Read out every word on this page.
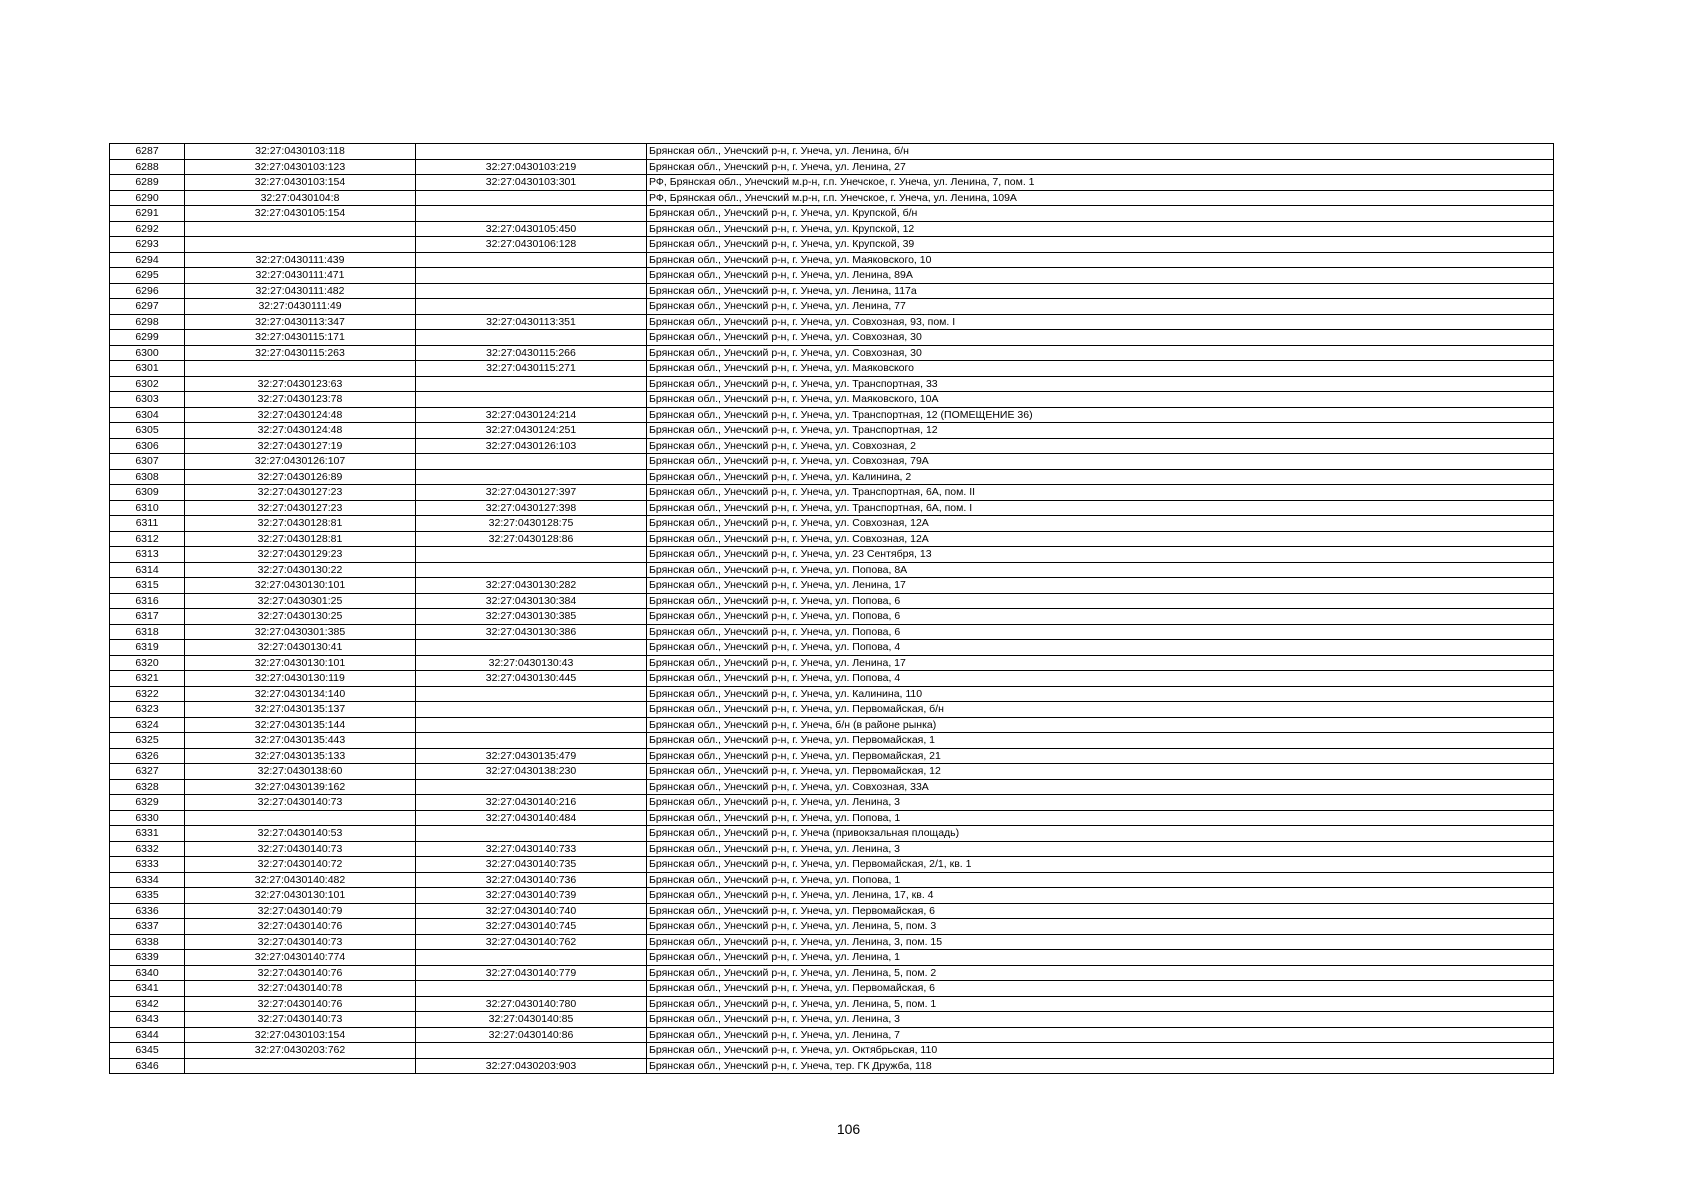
6287	32:27:0430103:118		Брянская обл., Унечский р-н, г. Унеча, ул. Ленина, б/н
6288	32:27:0430103:123	32:27:0430103:219	Брянская обл., Унечский р-н, г. Унеча, ул. Ленина, 27
6289	32:27:0430103:154	32:27:0430103:301	РФ, Брянская обл., Унечский м.р-н, г.п. Унечское, г. Унеча, ул. Ленина, 7, пом. 1
6290	32:27:0430104:8		РФ, Брянская обл., Унечский м.р-н, г.п. Унечское, г. Унеча, ул. Ленина, 109А
6291	32:27:0430105:154		Брянская обл., Унечский р-н, г. Унеча, ул. Крупской, б/н
6292		32:27:0430105:450	Брянская обл., Унечский р-н, г. Унеча, ул. Крупской, 12
6293		32:27:0430106:128	Брянская обл., Унечский р-н, г. Унеча, ул. Крупской, 39
6294	32:27:0430111:439		Брянская обл., Унечский р-н, г. Унеча, ул. Маяковского, 10
6295	32:27:0430111:471		Брянская обл., Унечский р-н, г. Унеча, ул. Ленина, 89А
6296	32:27:0430111:482		Брянская обл., Унечский р-н, г. Унеча, ул. Ленина, 117а
6297	32:27:0430111:49		Брянская обл., Унечский р-н, г. Унеча, ул. Ленина, 77
6298	32:27:0430113:347	32:27:0430113:351	Брянская обл., Унечский р-н, г. Унеча, ул. Совхозная, 93, пом. I
6299	32:27:0430115:171		Брянская обл., Унечский р-н, г. Унеча, ул. Совхозная, 30
6300	32:27:0430115:263	32:27:0430115:266	Брянская обл., Унечский р-н, г. Унеча, ул. Совхозная, 30
6301		32:27:0430115:271	Брянская обл., Унечский р-н, г. Унеча, ул. Маяковского
6302	32:27:0430123:63		Брянская обл., Унечский р-н, г. Унеча, ул. Транспортная, 33
6303	32:27:0430123:78		Брянская обл., Унечский р-н, г. Унеча, ул. Маяковского, 10А
6304	32:27:0430124:48	32:27:0430124:214	Брянская обл., Унечский р-н, г. Унеча, ул. Транспортная, 12 (ПОМЕЩЕНИЕ 36)
6305	32:27:0430124:48	32:27:0430124:251	Брянская обл., Унечский р-н, г. Унеча, ул. Транспортная, 12
6306	32:27:0430127:19	32:27:0430126:103	Брянская обл., Унечский р-н, г. Унеча, ул. Совхозная, 2
6307	32:27:0430126:107		Брянская обл., Унечский р-н, г. Унеча, ул. Совхозная, 79А
6308	32:27:0430126:89		Брянская обл., Унечский р-н, г. Унеча, ул. Калинина, 2
6309	32:27:0430127:23	32:27:0430127:397	Брянская обл., Унечский р-н, г. Унеча, ул. Транспортная, 6А, пом. II
6310	32:27:0430127:23	32:27:0430127:398	Брянская обл., Унечский р-н, г. Унеча, ул. Транспортная, 6А, пом. I
6311	32:27:0430128:81	32:27:0430128:75	Брянская обл., Унечский р-н, г. Унеча, ул. Совхозная, 12А
6312	32:27:0430128:81	32:27:0430128:86	Брянская обл., Унечский р-н, г. Унеча, ул. Совхозная, 12А
6313	32:27:0430129:23		Брянская обл., Унечский р-н, г. Унеча, ул. 23 Сентября, 13
6314	32:27:0430130:22		Брянская обл., Унечский р-н, г. Унеча, ул. Попова, 8А
6315	32:27:0430130:101	32:27:0430130:282	Брянская обл., Унечский р-н, г. Унеча, ул. Ленина, 17
6316	32:27:0430301:25	32:27:0430130:384	Брянская обл., Унечский р-н, г. Унеча, ул. Попова, 6
6317	32:27:0430130:25	32:27:0430130:385	Брянская обл., Унечский р-н, г. Унеча, ул. Попова, 6
6318	32:27:0430301:385	32:27:0430130:386	Брянская обл., Унечский р-н, г. Унеча, ул. Попова, 6
6319	32:27:0430130:41		Брянская обл., Унечский р-н, г. Унеча, ул. Попова, 4
6320	32:27:0430130:101	32:27:0430130:43	Брянская обл., Унечский р-н, г. Унеча, ул. Ленина, 17
6321	32:27:0430130:119	32:27:0430130:445	Брянская обл., Унечский р-н, г. Унеча, ул. Попова, 4
6322	32:27:0430134:140		Брянская обл., Унечский р-н, г. Унеча, ул. Калинина, 110
6323	32:27:0430135:137		Брянская обл., Унечский р-н, г. Унеча, ул. Первомайская, б/н
6324	32:27:0430135:144		Брянская обл., Унечский р-н, г. Унеча, б/н (в районе рынка)
6325	32:27:0430135:443		Брянская обл., Унечский р-н, г. Унеча, ул. Первомайская, 1
6326	32:27:0430135:133	32:27:0430135:479	Брянская обл., Унечский р-н, г. Унеча, ул. Первомайская, 21
6327	32:27:0430138:60	32:27:0430138:230	Брянская обл., Унечский р-н, г. Унеча, ул. Первомайская, 12
6328	32:27:0430139:162		Брянская обл., Унечский р-н, г. Унеча, ул. Совхозная, 33А
6329	32:27:0430140:73	32:27:0430140:216	Брянская обл., Унечский р-н, г. Унеча, ул. Ленина, 3
6330		32:27:0430140:484	Брянская обл., Унечский р-н, г. Унеча, ул. Попова, 1
6331	32:27:0430140:53		Брянская обл., Унечский р-н, г. Унеча (привокзальная площадь)
6332	32:27:0430140:73	32:27:0430140:733	Брянская обл., Унечский р-н, г. Унеча, ул. Ленина, 3
6333	32:27:0430140:72	32:27:0430140:735	Брянская обл., Унечский р-н, г. Унеча, ул. Первомайская, 2/1, кв. 1
6334	32:27:0430140:482	32:27:0430140:736	Брянская обл., Унечский р-н, г. Унеча, ул. Попова, 1
6335	32:27:0430130:101	32:27:0430140:739	Брянская обл., Унечский р-н, г. Унеча, ул. Ленина, 17, кв. 4
6336	32:27:0430140:79	32:27:0430140:740	Брянская обл., Унечский р-н, г. Унеча, ул. Первомайская, 6
6337	32:27:0430140:76	32:27:0430140:745	Брянская обл., Унечский р-н, г. Унеча, ул. Ленина, 5, пом. 3
6338	32:27:0430140:73	32:27:0430140:762	Брянская обл., Унечский р-н, г. Унеча, ул. Ленина, 3, пом. 15
6339	32:27:0430140:774		Брянская обл., Унечский р-н, г. Унеча, ул. Ленина, 1
6340	32:27:0430140:76	32:27:0430140:779	Брянская обл., Унечский р-н, г. Унеча, ул. Ленина, 5, пом. 2
6341	32:27:0430140:78		Брянская обл., Унечский р-н, г. Унеча, ул. Первомайская, 6
6342	32:27:0430140:76	32:27:0430140:780	Брянская обл., Унечский р-н, г. Унеча, ул. Ленина, 5, пом. 1
6343	32:27:0430140:73	32:27:0430140:85	Брянская обл., Унечский р-н, г. Унеча, ул. Ленина, 3
6344	32:27:0430103:154	32:27:0430140:86	Брянская обл., Унечский р-н, г. Унеча, ул. Ленина, 7
6345	32:27:0430203:762		Брянская обл., Унечский р-н, г. Унеча, ул. Октябрьская, 110
6346		32:27:0430203:903	Брянская обл., Унечский р-н, г. Унеча, тер. ГК Дружба, 118
106
